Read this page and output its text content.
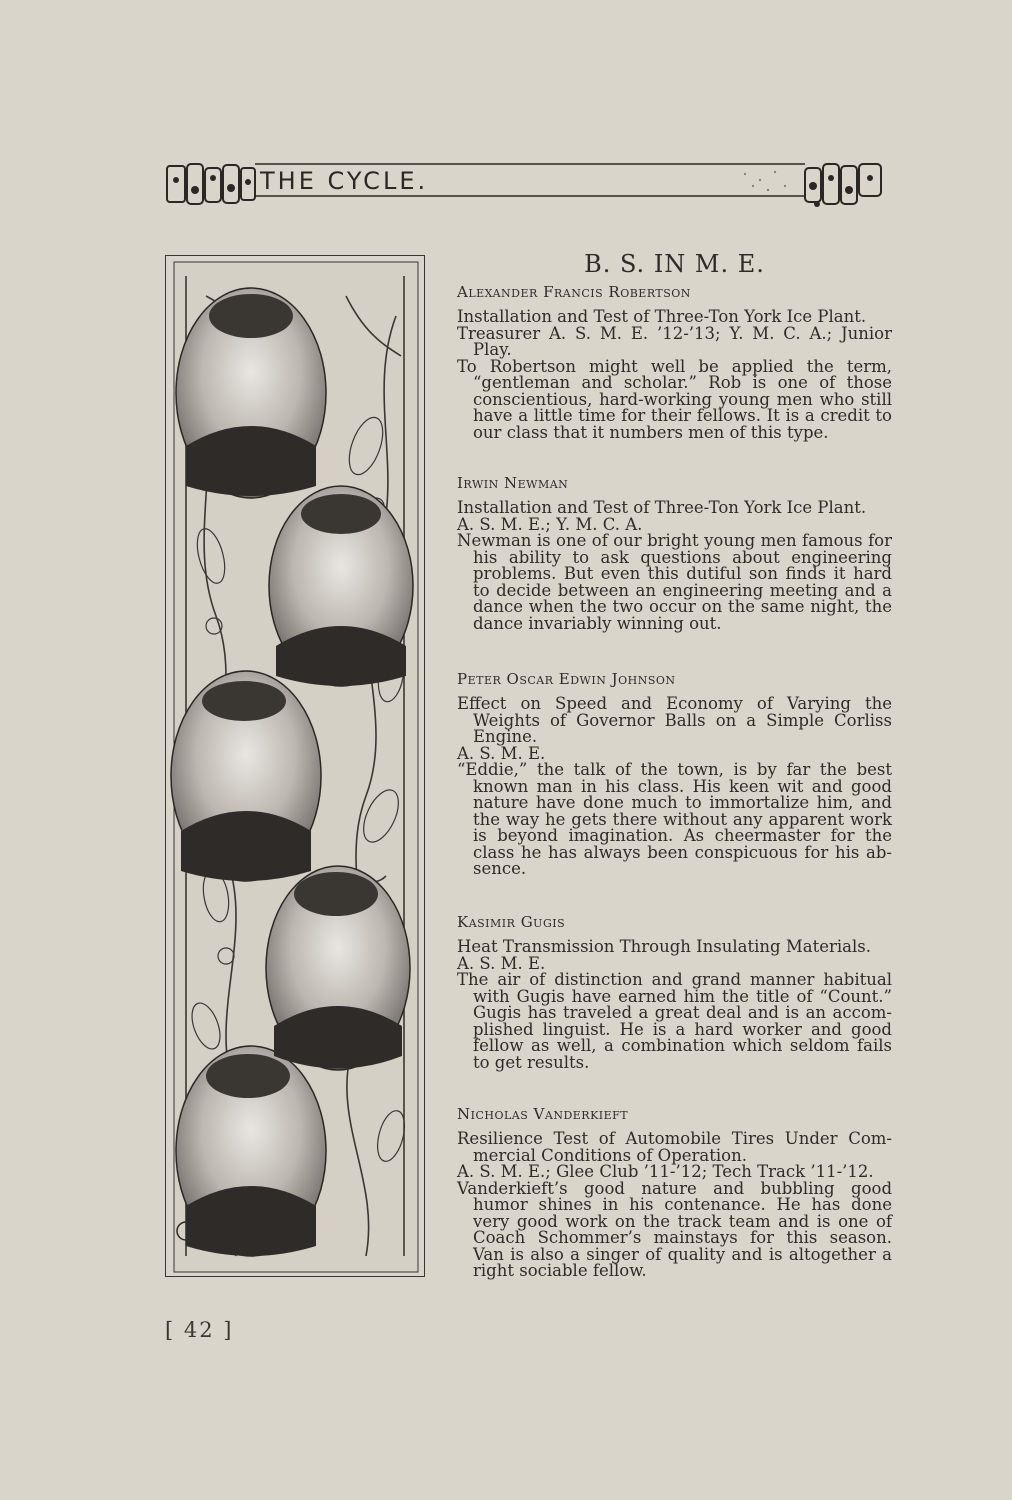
THE CYCLE.
B. S. IN M. E.
Alexander Francis Robertson

Installation and Test of Three-Ton York Ice Plant.

Treasurer A. S. M. E. ’12-’13; Y. M. C. A.; Junior Play.

To Robertson might well be applied the term, “gentleman and scholar.” Rob is one of those conscientious, hard-working young men who still have a little time for their fellows. It is a credit to our class that it numbers men of this type.

Irwin Newman

Installation and Test of Three-Ton York Ice Plant.

A. S. M. E.; Y. M. C. A.

Newman is one of our bright young men famous for his ability to ask questions about engineering problems. But even this dutiful son finds it hard to decide between an engineering meeting and a dance when the two occur on the same night, the dance invariably winning out.

Peter Oscar Edwin Johnson

Effect on Speed and Economy of Varying the Weights of Governor Balls on a Simple Corliss Engine.

A. S. M. E.

“Eddie,” the talk of the town, is by far the best known man in his class. His keen wit and good nature have done much to immortalize him, and the way he gets there without any apparent work is beyond imagination. As cheermaster for the class he has always been conspicuous for his ab- sence.

Kasimir Gugis

Heat Transmission Through Insulating Materials.

A. S. M. E.

The air of distinction and grand manner habitual with Gugis have earned him the title of “Count.” Gugis has traveled a great deal and is an accom- plished linguist. He is a hard worker and good fellow as well, a combination which seldom fails to get results.

Nicholas Vanderkieft

Resilience Test of Automobile Tires Under Com- mercial Conditions of Operation.

A. S. M. E.; Glee Club ’11-’12; Tech Track ’11-’12.

Vanderkieft’s good nature and bubbling good humor shines in his contenance. He has done very good work on the track team and is one of Coach Schommer’s mainstays for this season. Van is also a singer of quality and is altogether a right sociable fellow.

[ 42 ]
